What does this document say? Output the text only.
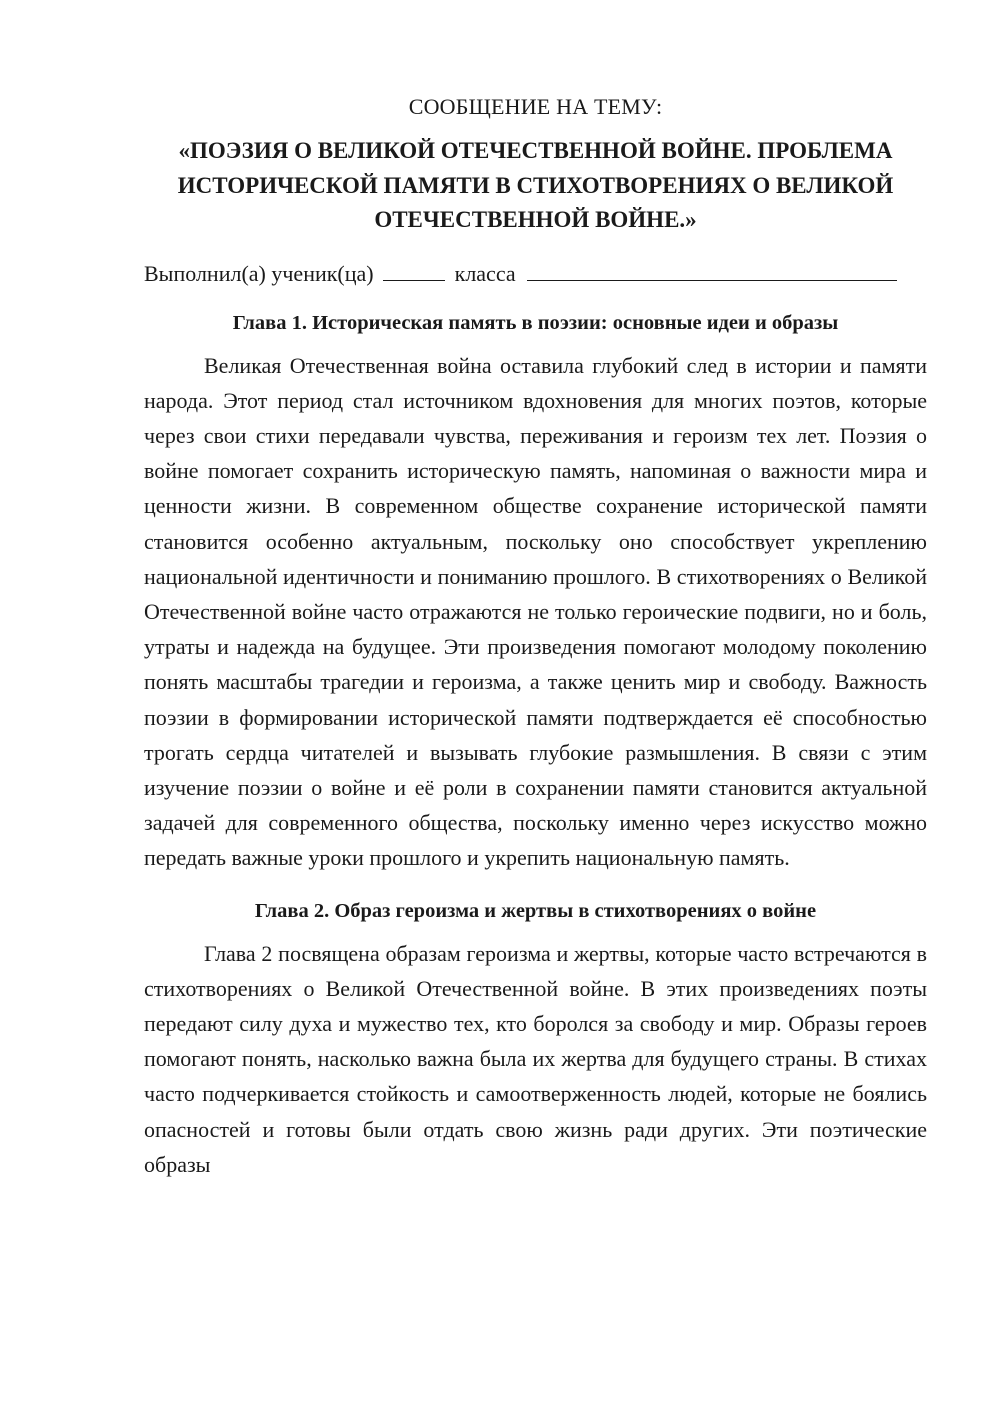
СООБЩЕНИЕ НА ТЕМУ:
«ПОЭЗИЯ О ВЕЛИКОЙ ОТЕЧЕСТВЕННОЙ ВОЙНЕ. ПРОБЛЕМА ИСТОРИЧЕСКОЙ ПАМЯТИ В СТИХОТВОРЕНИЯХ О ВЕЛИКОЙ ОТЕЧЕСТВЕННОЙ ВОЙНЕ.»
Выполнил(а) ученик(ца)	класса
Глава 1. Историческая память в поэзии: основные идеи и образы

Великая Отечественная война оставила глубокий след в истории и памяти народа. Этот период стал источником вдохновения для многих поэтов, которые через свои стихи передавали чувства, переживания и героизм тех лет. Поэзия о войне помогает сохранить историческую память, напоминая о важности мира и ценности жизни. В современном обществе сохранение исторической памяти становится особенно актуальным, поскольку оно способствует укреплению национальной идентичности и пониманию прошлого. В стихотворениях о Великой Отечественной войне часто отражаются не только героические подвиги, но и боль, утраты и надежда на будущее. Эти произведения помогают молодому поколению понять масштабы трагедии и героизма, а также ценить мир и свободу. Важность поэзии в формировании исторической памяти подтверждается её способностью трогать сердца читателей и вызывать глубокие размышления. В связи с этим изучение поэзии о войне и её роли в сохранении памяти становится актуальной задачей для современного общества, поскольку именно через искусство можно передать важные уроки прошлого и укрепить национальную память.

Глава 2. Образ героизма и жертвы в стихотворениях о войне

Глава 2 посвящена образам героизма и жертвы, которые часто встречаются в стихотворениях о Великой Отечественной войне. В этих произведениях поэты передают силу духа и мужество тех, кто боролся за свободу и мир. Образы героев помогают понять, насколько важна была их жертва для будущего страны. В стихах часто подчеркивается стойкость и самоотверженность людей, которые не боялись опасностей и готовы были отдать свою жизнь ради других. Эти поэтические образы
